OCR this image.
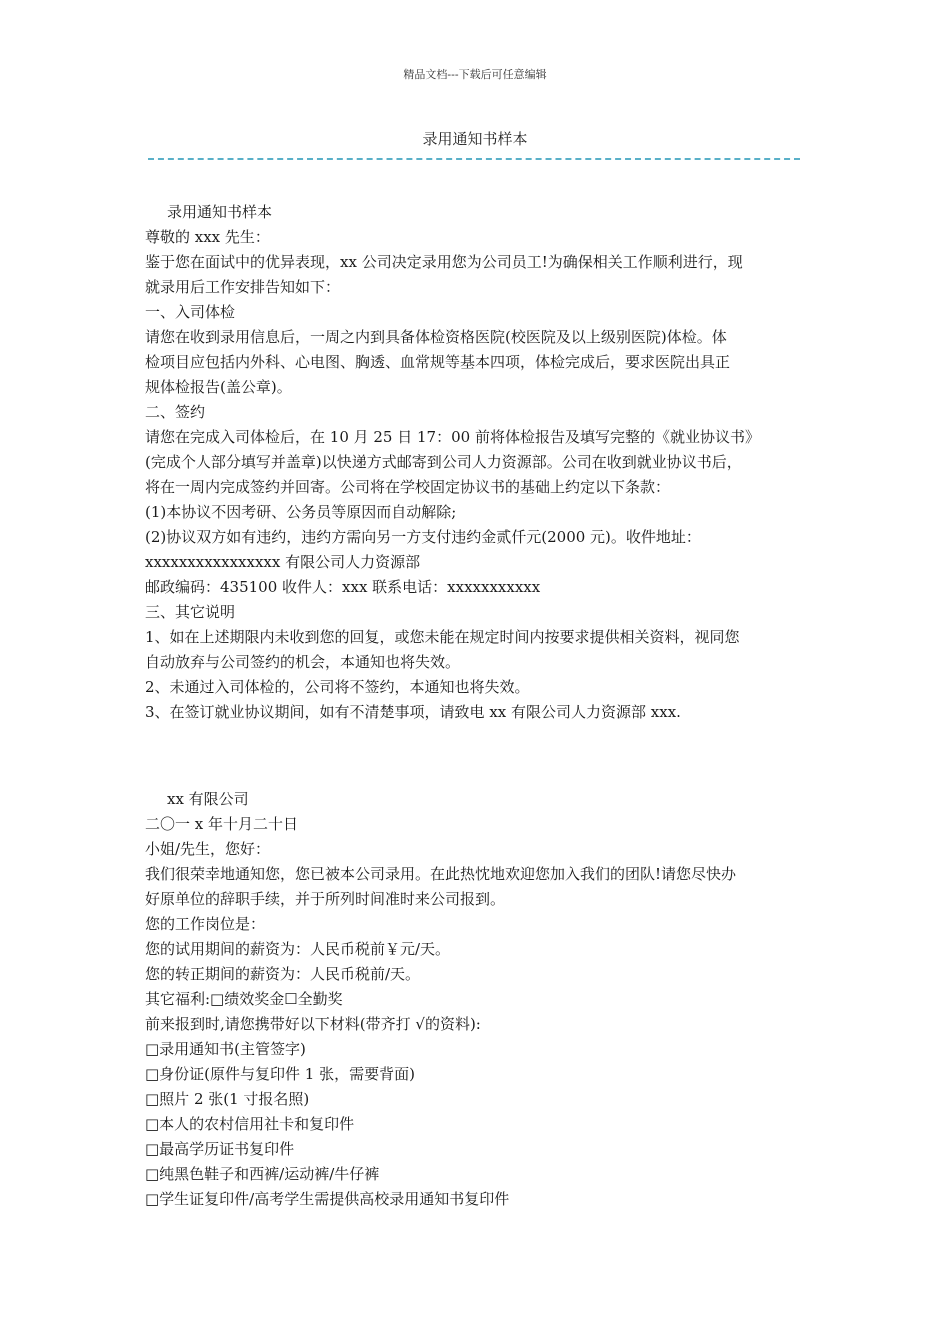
精品文档---下载后可任意编辑
录用通知书样本
录用通知书样本
尊敬的 xxx 先生：
鉴于您在面试中的优异表现，xx 公司决定录用您为公司员工!为确保相关工作顺利进行，现
就录用后工作安排告知如下：
一、入司体检
请您在收到录用信息后，一周之内到具备体检资格医院(校医院及以上级别医院)体检。体
检项目应包括内外科、心电图、胸透、血常规等基本四项，体检完成后，要求医院出具正
规体检报告(盖公章)。
二、签约
请您在完成入司体检后，在 10 月 25 日 17：00 前将体检报告及填写完整的《就业协议书》
(完成个人部分填写并盖章)以快递方式邮寄到公司人力资源部。公司在收到就业协议书后，
将在一周内完成签约并回寄。公司将在学校固定协议书的基础上约定以下条款：
(1)本协议不因考研、公务员等原因而自动解除;
(2)协议双方如有违约，违约方需向另一方支付违约金贰仟元(2000 元)。收件地址：
xxxxxxxxxxxxxxxx 有限公司人力资源部
邮政编码：435100 收件人：xxx 联系电话：xxxxxxxxxxx
三、其它说明
1、如在上述期限内未收到您的回复，或您未能在规定时间内按要求提供相关资料，视同您
自动放弃与公司签约的机会，本通知也将失效。
2、未通过入司体检的，公司将不签约，本通知也将失效。
3、在签订就业协议期间，如有不清楚事项，请致电 xx 有限公司人力资源部 xxx.
xx 有限公司
二〇一 x 年十月二十日
小姐/先生，您好：
我们很荣幸地通知您，您已被本公司录用。在此热忱地欢迎您加入我们的团队!请您尽快办
好原单位的辞职手续，并于所列时间准时来公司报到。
您的工作岗位是：
您的试用期间的薪资为：人民币税前￥元/天。
您的转正期间的薪资为：人民币税前/天。
其它福利:□绩效奖金☐全勤奖
前来报到时,请您携带好以下材料(带齐打 √的资料):
□录用通知书(主管签字)
□身份证(原件与复印件 1 张，需要背面)
□照片 2 张(1 寸报名照)
□本人的农村信用社卡和复印件
□最高学历证书复印件
□纯黑色鞋子和西裤/运动裤/牛仔裤
□学生证复印件/高考学生需提供高校录用通知书复印件
